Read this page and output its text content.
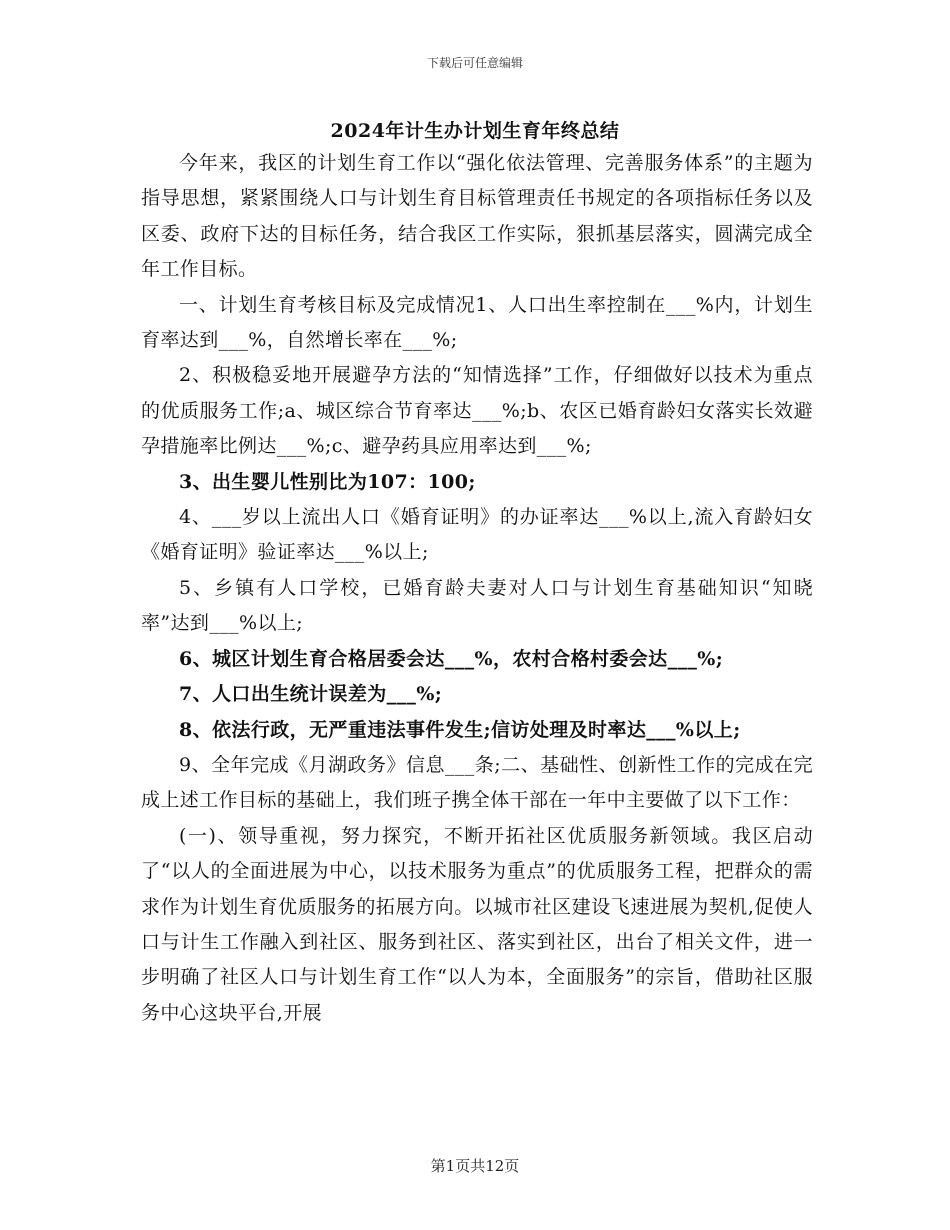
下载后可任意编辑
2024年计生办计划生育年终总结

今年来，我区的计划生育工作以“强化依法管理、完善服务体系”的主题为指导思想，紧紧围绕人口与计划生育目标管理责任书规定的各项指标任务以及区委、政府下达的目标任务，结合我区工作实际，狠抓基层落实，圆满完成全年工作目标。

一、计划生育考核目标及完成情况1、人口出生率控制在___%内，计划生育率达到___%，自然增长率在___%;

2、积极稳妥地开展避孕方法的“知情选择”工作，仔细做好以技术为重点的优质服务工作;a、城区综合节育率达___%;b、农区已婚育龄妇女落实长效避孕措施率比例达___%;c、避孕药具应用率达到___%;

3、出生婴儿性别比为107：100;

4、___岁以上流出人口《婚育证明》的办证率达___%以上,流入育龄妇女《婚育证明》验证率达___%以上;

5、乡镇有人口学校，已婚育龄夫妻对人口与计划生育基础知识“知晓率”达到___%以上;

6、城区计划生育合格居委会达___%，农村合格村委会达___%;

7、人口出生统计误差为___%;

8、依法行政，无严重违法事件发生;信访处理及时率达___%以上;

9、全年完成《月湖政务》信息___条;二、基础性、创新性工作的完成在完成上述工作目标的基础上，我们班子携全体干部在一年中主要做了以下工作：

(一)、领导重视，努力探究，不断开拓社区优质服务新领域。我区启动了“以人的全面进展为中心，以技术服务为重点”的优质服务工程，把群众的需求作为计划生育优质服务的拓展方向。以城市社区建设飞速进展为契机,促使人口与计生工作融入到社区、服务到社区、落实到社区，出台了相关文件，进一步明确了社区人口与计划生育工作“以人为本，全面服务”的宗旨，借助社区服务中心这块平台,开展

第1页共12页
